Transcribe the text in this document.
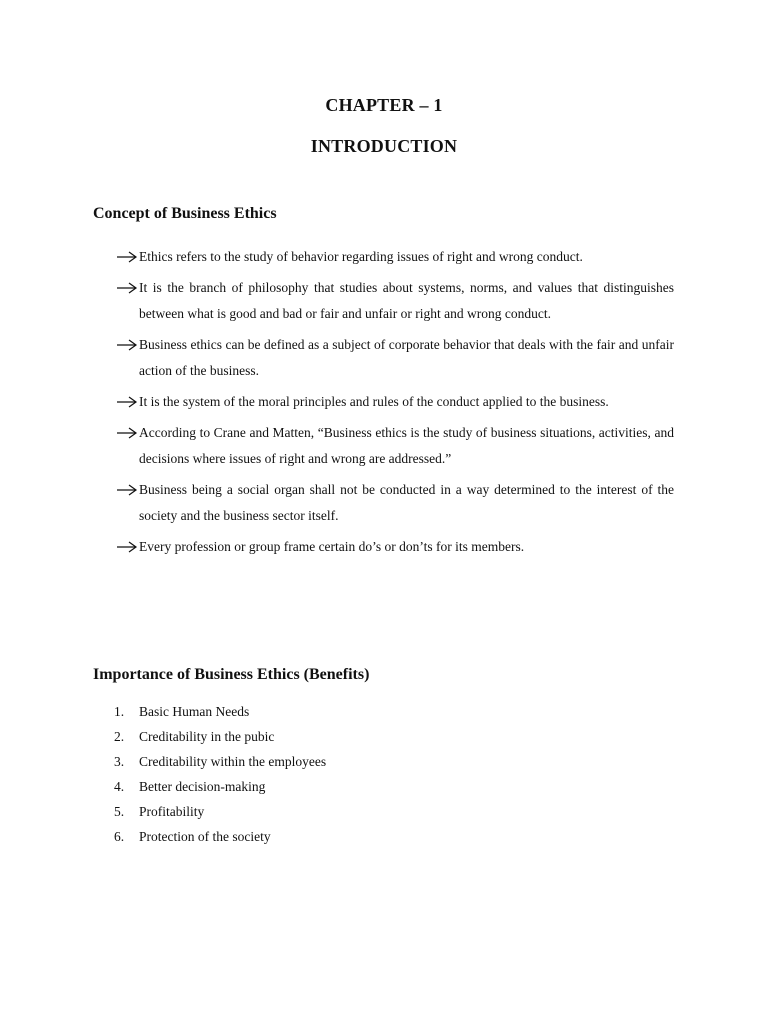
CHAPTER – 1
INTRODUCTION
Concept of Business Ethics
Ethics refers to the study of behavior regarding issues of right and wrong conduct.
It is the branch of philosophy that studies about systems, norms, and values that distinguishes between what is good and bad or fair and unfair or right and wrong conduct.
Business ethics can be defined as a subject of corporate behavior that deals with the fair and unfair action of the business.
It is the system of the moral principles and rules of the conduct applied to the business.
According to Crane and Matten, “Business ethics is the study of business situations, activities, and decisions where issues of right and wrong are addressed.”
Business being a social organ shall not be conducted in a way determined to the interest of the society and the business sector itself.
Every profession or group frame certain do’s or don’ts for its members.
Importance of Business Ethics (Benefits)
1. Basic Human Needs
2. Creditability in the pubic
3. Creditability within the employees
4. Better decision-making
5. Profitability
6. Protection of the society
